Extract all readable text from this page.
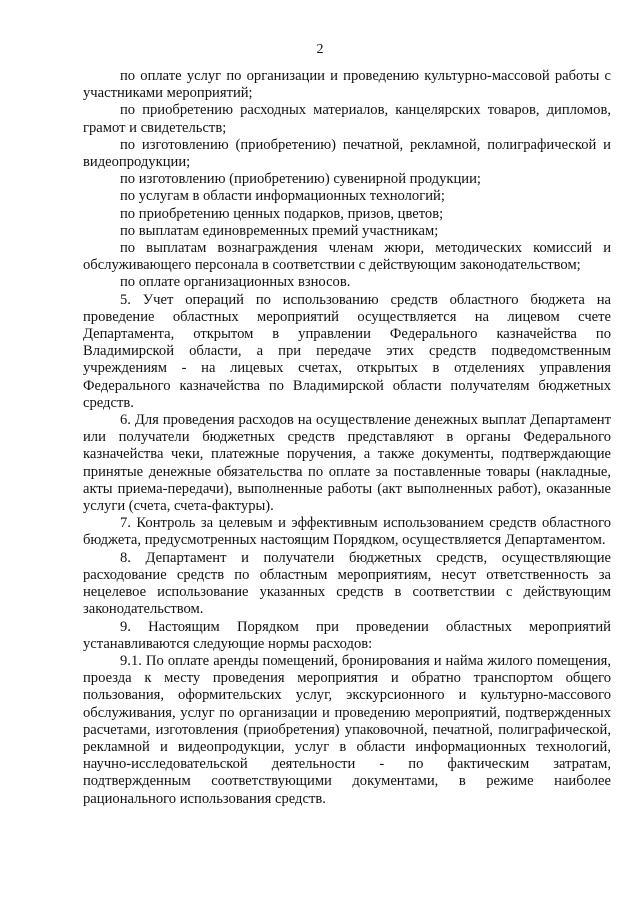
2

по оплате услуг по организации и проведению культурно-массовой работы с участниками мероприятий;

по приобретению расходных материалов, канцелярских товаров, дипломов, грамот и свидетельств;

по изготовлению (приобретению) печатной, рекламной, полиграфической и видеопродукции;

по изготовлению (приобретению) сувенирной продукции;

по услугам в области информационных технологий;

по приобретению ценных подарков, призов, цветов;

по выплатам единовременных премий участникам;

по выплатам вознаграждения членам жюри, методических комиссий и обслуживающего персонала в соответствии с действующим законодательством;

по оплате организационных взносов.

5. Учет операций по использованию средств областного бюджета на проведение областных мероприятий осуществляется на лицевом счете Департамента, открытом в управлении Федерального казначейства по Владимирской области, а при передаче этих средств подведомственным учреждениям - на лицевых счетах, открытых в отделениях управления Федерального казначейства по Владимирской области получателям бюджетных средств.

6. Для проведения расходов на осуществление денежных выплат Департамент или получатели бюджетных средств представляют в органы Федерального казначейства чеки, платежные поручения, а также документы, подтверждающие принятые денежные обязательства по оплате за поставленные товары (накладные, акты приема-передачи), выполненные работы (акт выполненных работ), оказанные услуги (счета, счета-фактуры).

7. Контроль за целевым и эффективным использованием средств областного бюджета, предусмотренных настоящим Порядком, осуществляется Департаментом.

8. Департамент и получатели бюджетных средств, осуществляющие расходование средств по областным мероприятиям, несут ответственность за нецелевое использование указанных средств в соответствии с действующим законодательством.

9. Настоящим Порядком при проведении областных мероприятий устанавливаются следующие нормы расходов:

9.1. По оплате аренды помещений, бронирования и найма жилого помещения, проезда к месту проведения мероприятия и обратно транспортом общего пользования, оформительских услуг, экскурсионного и культурно-массового обслуживания, услуг по организации и проведению мероприятий, подтвержденных расчетами, изготовления (приобретения) упаковочной, печатной, полиграфической, рекламной и видеопродукции, услуг в области информационных технологий, научно-исследовательской деятельности - по фактическим затратам, подтвержденным соответствующими документами, в режиме наиболее рационального использования средств.
